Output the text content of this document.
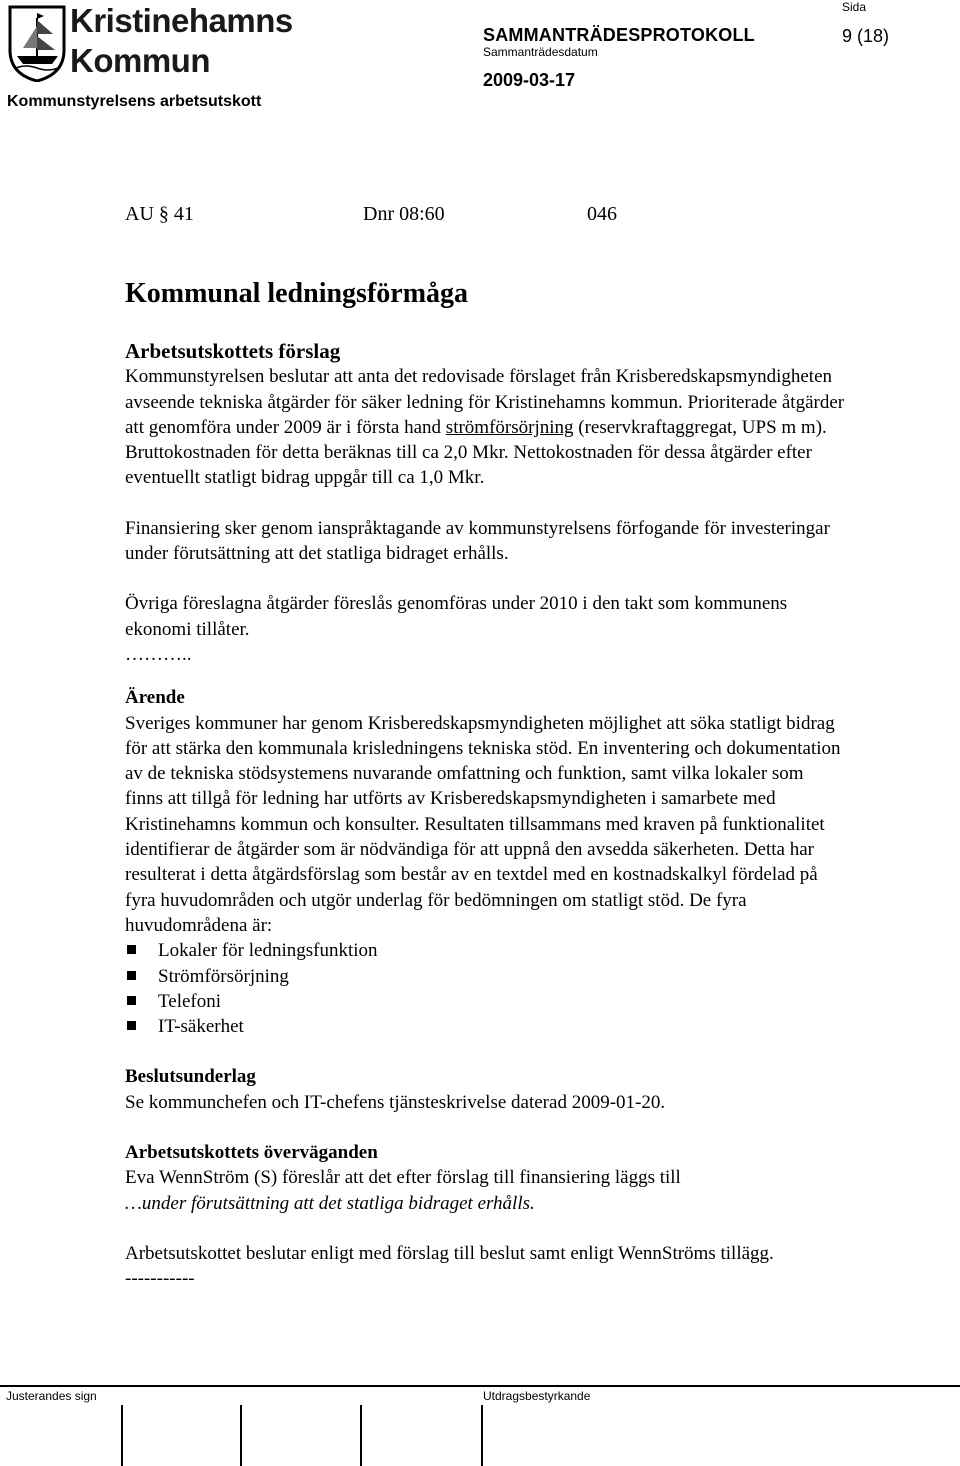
Kristinehamns
Kommun
Sida
9 (18)
SAMMANTRÄDESPROTOKOLL
Sammanträdesdatum
2009-03-17
Kommunstyrelsens arbetsutskott
AU § 41	Dnr 08:60	046
Kommunal ledningsförmåga
Arbetsutskottets förslag

Kommunstyrelsen beslutar att anta det redovisade förslaget från Krisberedskapsmyndigheten avseende tekniska åtgärder för säker ledning för Kristinehamns kommun. Prioriterade åtgärder att genomföra under 2009 är i första hand strömförsörjning (reservkraftaggregat, UPS m m). Bruttokostnaden för detta beräknas till ca 2,0 Mkr. Nettokostnaden för dessa åtgärder efter eventuellt statligt bidrag uppgår till ca 1,0 Mkr.

Finansiering sker genom ianspråktagande av kommunstyrelsens förfogande för investeringar under förutsättning att det statliga bidraget erhålls.

Övriga föreslagna åtgärder föreslås genomföras under 2010 i den takt som kommunens ekonomi tillåter.

………..

Ärende

Sveriges kommuner har genom Krisberedskapsmyndigheten möjlighet att söka statligt bidrag för att stärka den kommunala krisledningens tekniska stöd. En inventering och dokumentation av de tekniska stödsystemens nuvarande omfattning och funktion, samt vilka lokaler som finns att tillgå för ledning har utförts av Krisberedskapsmyndigheten i samarbete med Kristinehamns kommun och konsulter. Resultaten tillsammans med kraven på funktionalitet identifierar de åtgärder som är nödvändiga för att uppnå den avsedda säkerheten. Detta har resulterat i detta åtgärdsförslag som består av en textdel med en kostnadskalkyl fördelad på fyra huvudområden och utgör underlag för bedömningen om statligt stöd. De fyra huvudområdena är:

Lokaler för ledningsfunktion
Strömförsörjning
Telefoni
IT-säkerhet
Beslutsunderlag

Se kommunchefen och IT-chefens tjänsteskrivelse daterad 2009-01-20.

Arbetsutskottets överväganden

Eva WennStröm (S) föreslår att det efter förslag till finansiering läggs till

…under förutsättning att det statliga bidraget erhålls.

Arbetsutskottet beslutar enligt med förslag till beslut samt enligt WennStröms tillägg.

-----------

Justerandes sign	Utdragsbestyrkande
